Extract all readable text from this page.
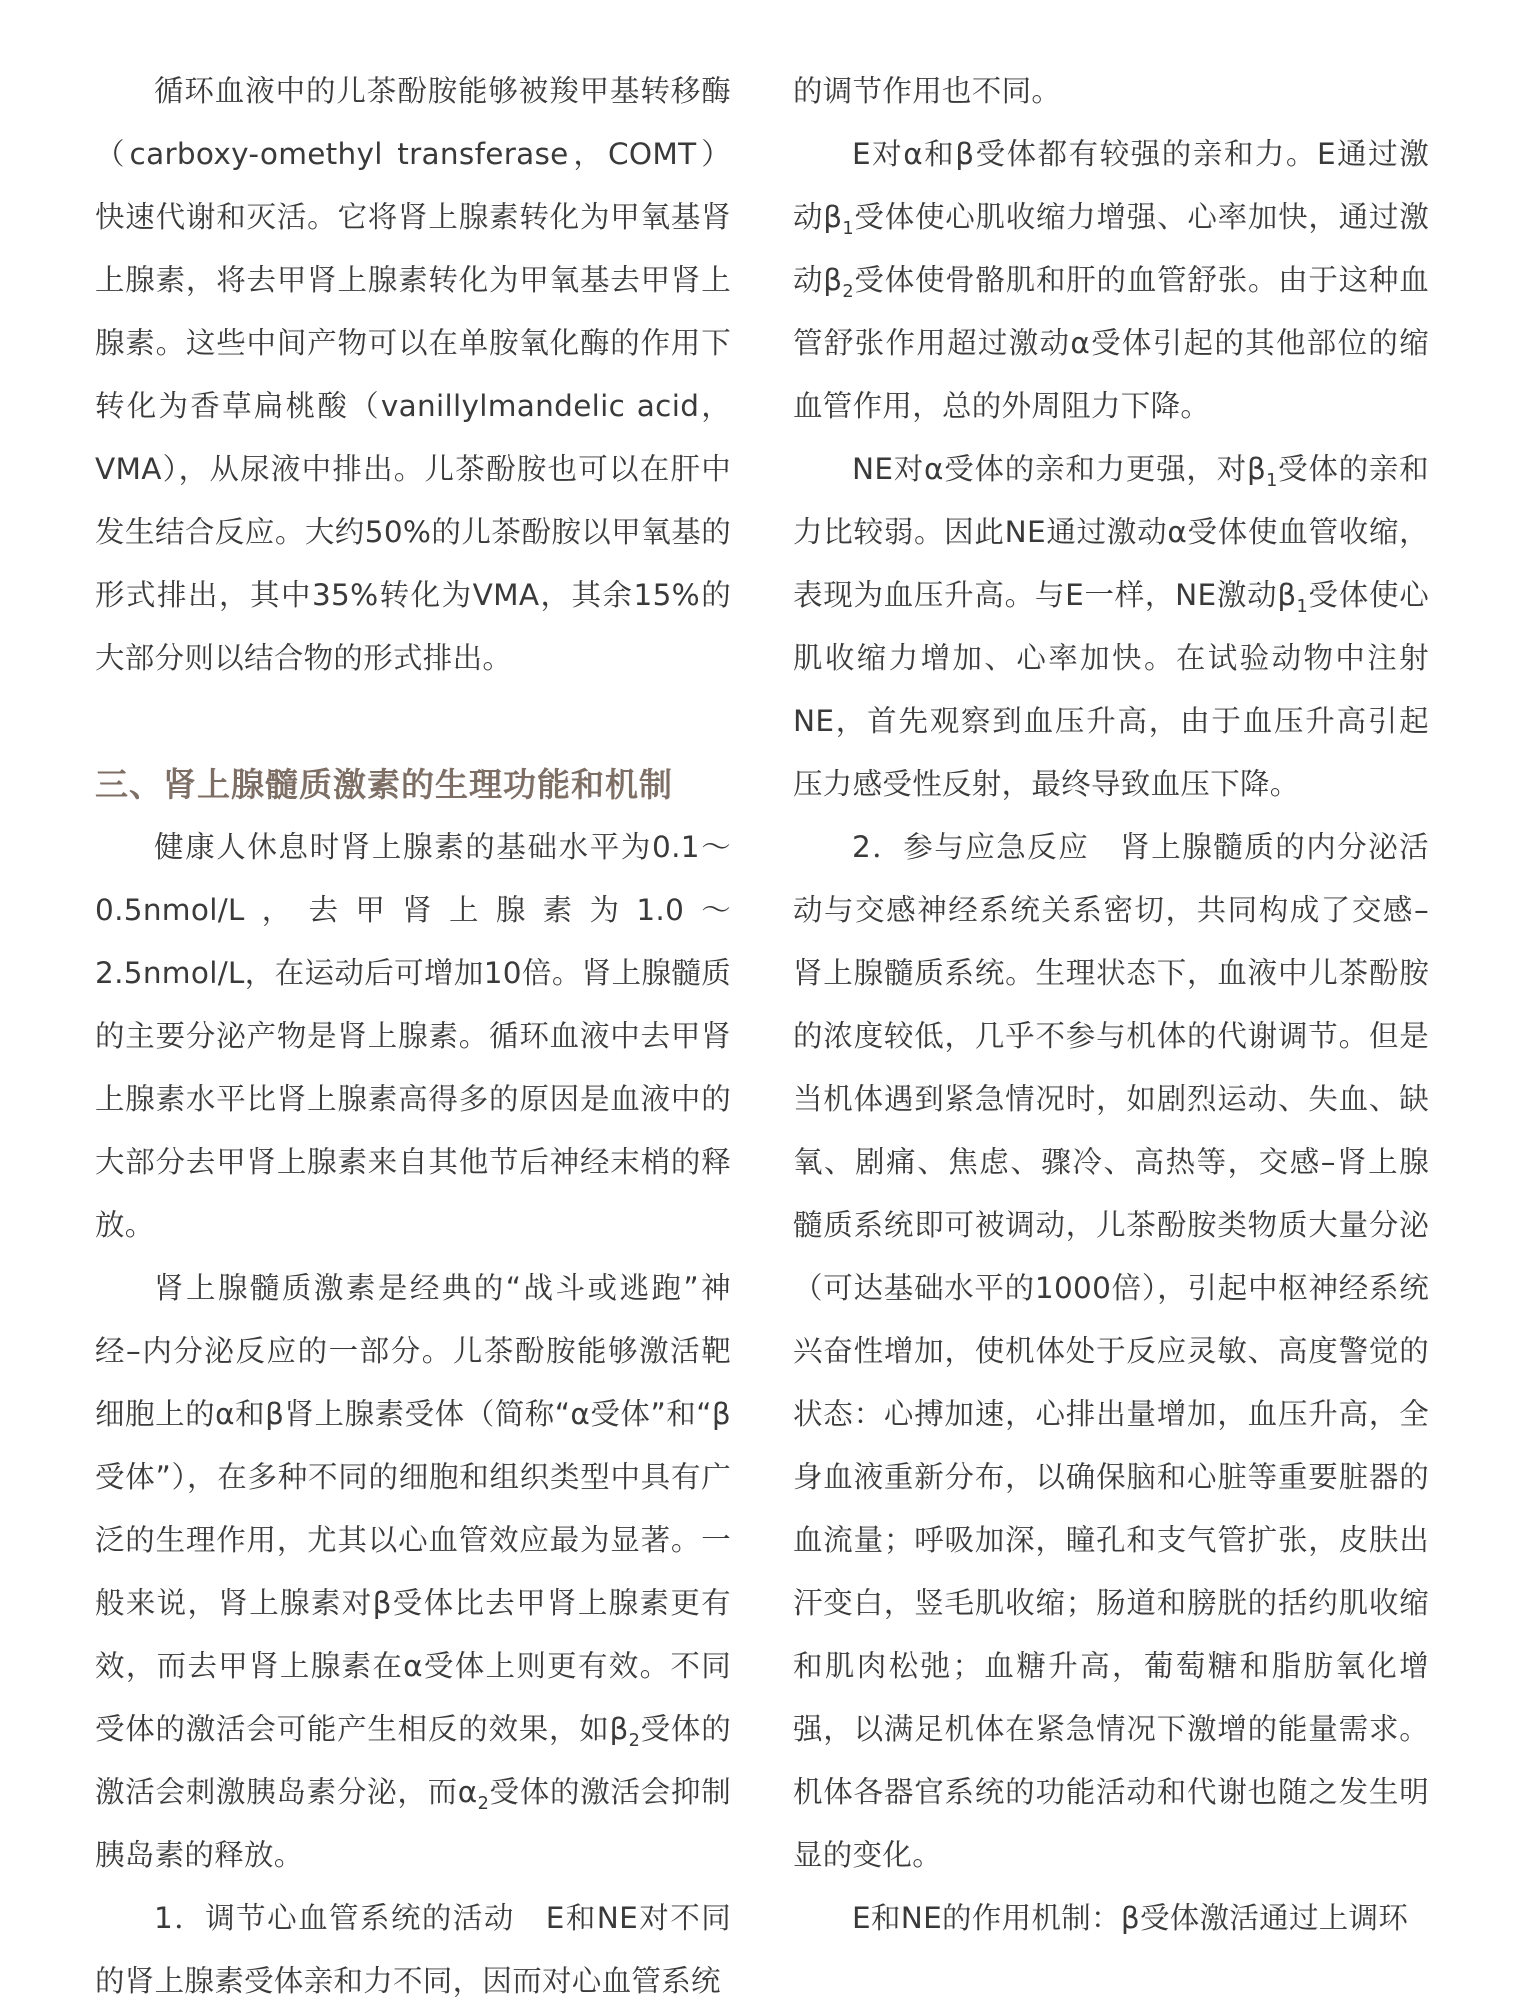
循环血液中的儿茶酚胺能够被羧甲基转移酶（carboxy-omethyl transferase，COMT）快速代谢和灭活。它将肾上腺素转化为甲氧基肾上腺素，将去甲肾上腺素转化为甲氧基去甲肾上腺素。这些中间产物可以在单胺氧化酶的作用下转化为香草扁桃酸（vanillylmandelic acid，VMA），从尿液中排出。儿茶酚胺也可以在肝中发生结合反应。大约50%的儿茶酚胺以甲氧基的形式排出，其中35%转化为VMA，其余15%的大部分则以结合物的形式排出。

三、肾上腺髓质激素的生理功能和机制

健康人休息时肾上腺素的基础水平为0.1～0.5nmol/L，去甲肾上腺素为1.0～2.5nmol/L，在运动后可增加10倍。肾上腺髓质的主要分泌产物是肾上腺素。循环血液中去甲肾上腺素水平比肾上腺素高得多的原因是血液中的大部分去甲肾上腺素来自其他节后神经末梢的释放。

肾上腺髓质激素是经典的“战斗或逃跑”神经–内分泌反应的一部分。儿茶酚胺能够激活靶细胞上的α和β肾上腺素受体（简称“α受体”和“β受体”），在多种不同的细胞和组织类型中具有广泛的生理作用，尤其以心血管效应最为显著。一般来说，肾上腺素对β受体比去甲肾上腺素更有效，而去甲肾上腺素在α受体上则更有效。不同受体的激活会可能产生相反的效果，如$\beta_2$受体的激活会刺激胰岛素分泌，而$\alpha_2$受体的激活会抑制胰岛素的释放。

1．调节心血管系统的活动　E和NE对不同的肾上腺素受体亲和力不同，因而对心血管系统

的调节作用也不同。

E对α和β受体都有较强的亲和力。E通过激动$\beta_1$受体使心肌收缩力增强、心率加快，通过激动$\beta_2$受体使骨骼肌和肝的血管舒张。由于这种血管舒张作用超过激动α受体引起的其他部位的缩血管作用，总的外周阻力下降。

NE对α受体的亲和力更强，对$\beta_1$受体的亲和力比较弱。因此NE通过激动α受体使血管收缩，表现为血压升高。与E一样，NE激动$\beta_1$受体使心肌收缩力增加、心率加快。在试验动物中注射NE，首先观察到血压升高，由于血压升高引起压力感受性反射，最终导致血压下降。

2．参与应急反应　肾上腺髓质的内分泌活动与交感神经系统关系密切，共同构成了交感–肾上腺髓质系统。生理状态下，血液中儿茶酚胺的浓度较低，几乎不参与机体的代谢调节。但是当机体遇到紧急情况时，如剧烈运动、失血、缺氧、剧痛、焦虑、骤冷、高热等，交感–肾上腺髓质系统即可被调动，儿茶酚胺类物质大量分泌（可达基础水平的1000倍），引起中枢神经系统兴奋性增加，使机体处于反应灵敏、高度警觉的状态：心搏加速，心排出量增加，血压升高，全身血液重新分布，以确保脑和心脏等重要脏器的血流量；呼吸加深，瞳孔和支气管扩张，皮肤出汗变白，竖毛肌收缩；肠道和膀胱的括约肌收缩和肌肉松弛；血糖升高，葡萄糖和脂肪氧化增强，以满足机体在紧急情况下激增的能量需求。机体各器官系统的功能活动和代谢也随之发生明显的变化。

E和NE的作用机制：β受体激活通过上调环
